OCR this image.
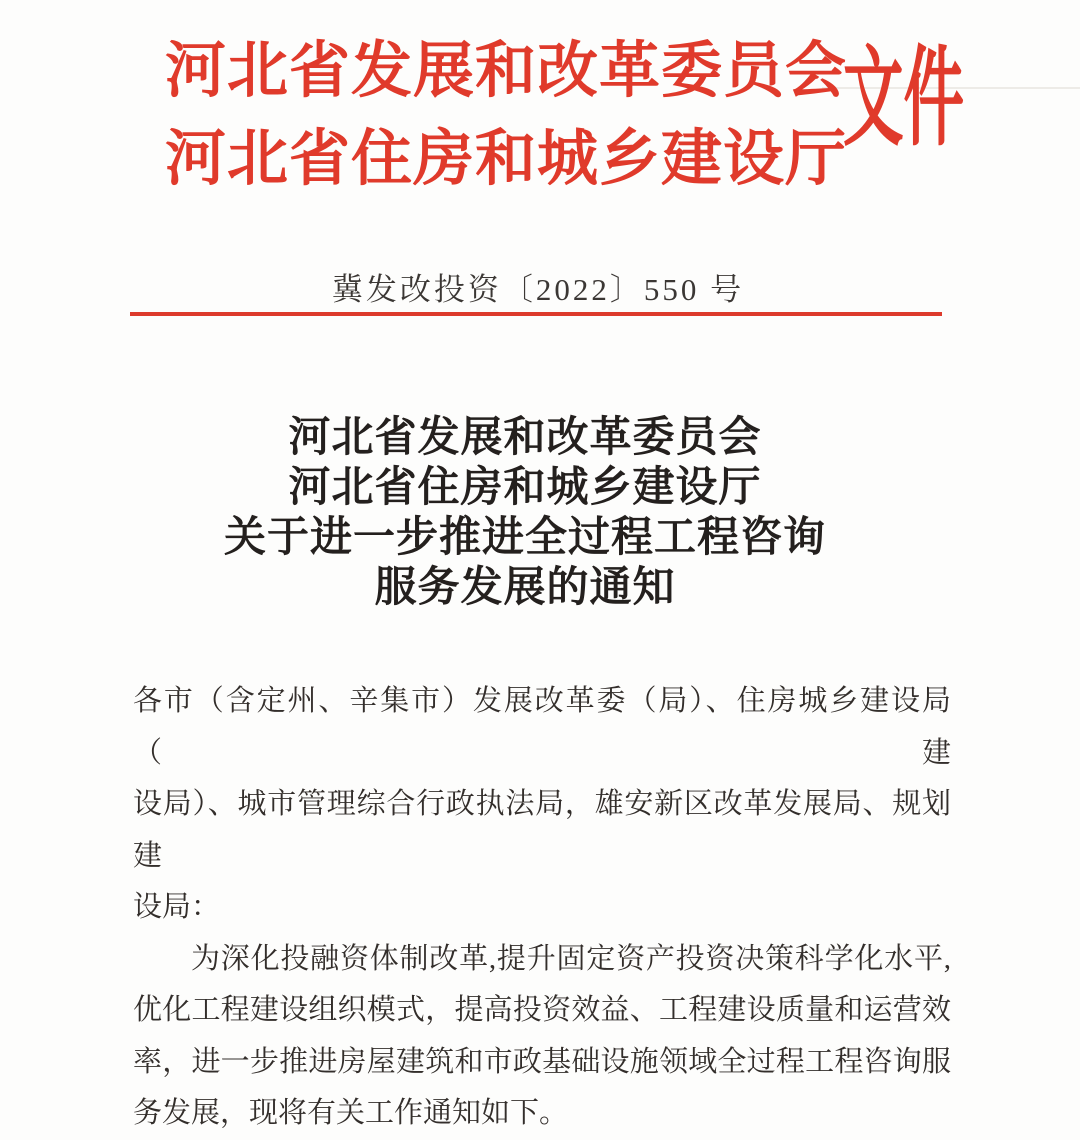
河北省发展和改革委员会
河北省住房和城乡建设厅
文件
冀发改投资〔2022〕550 号
河北省发展和改革委员会
河北省住房和城乡建设厅
关于进一步推进全过程工程咨询
服务发展的通知
各市（含定州、辛集市）发展改革委（局）、住房城乡建设局（建
设局）、城市管理综合行政执法局，雄安新区改革发展局、规划建
设局：
为深化投融资体制改革,提升固定资产投资决策科学化水平,
优化工程建设组织模式，提高投资效益、工程建设质量和运营效
率，进一步推进房屋建筑和市政基础设施领域全过程工程咨询服
务发展，现将有关工作通知如下。
